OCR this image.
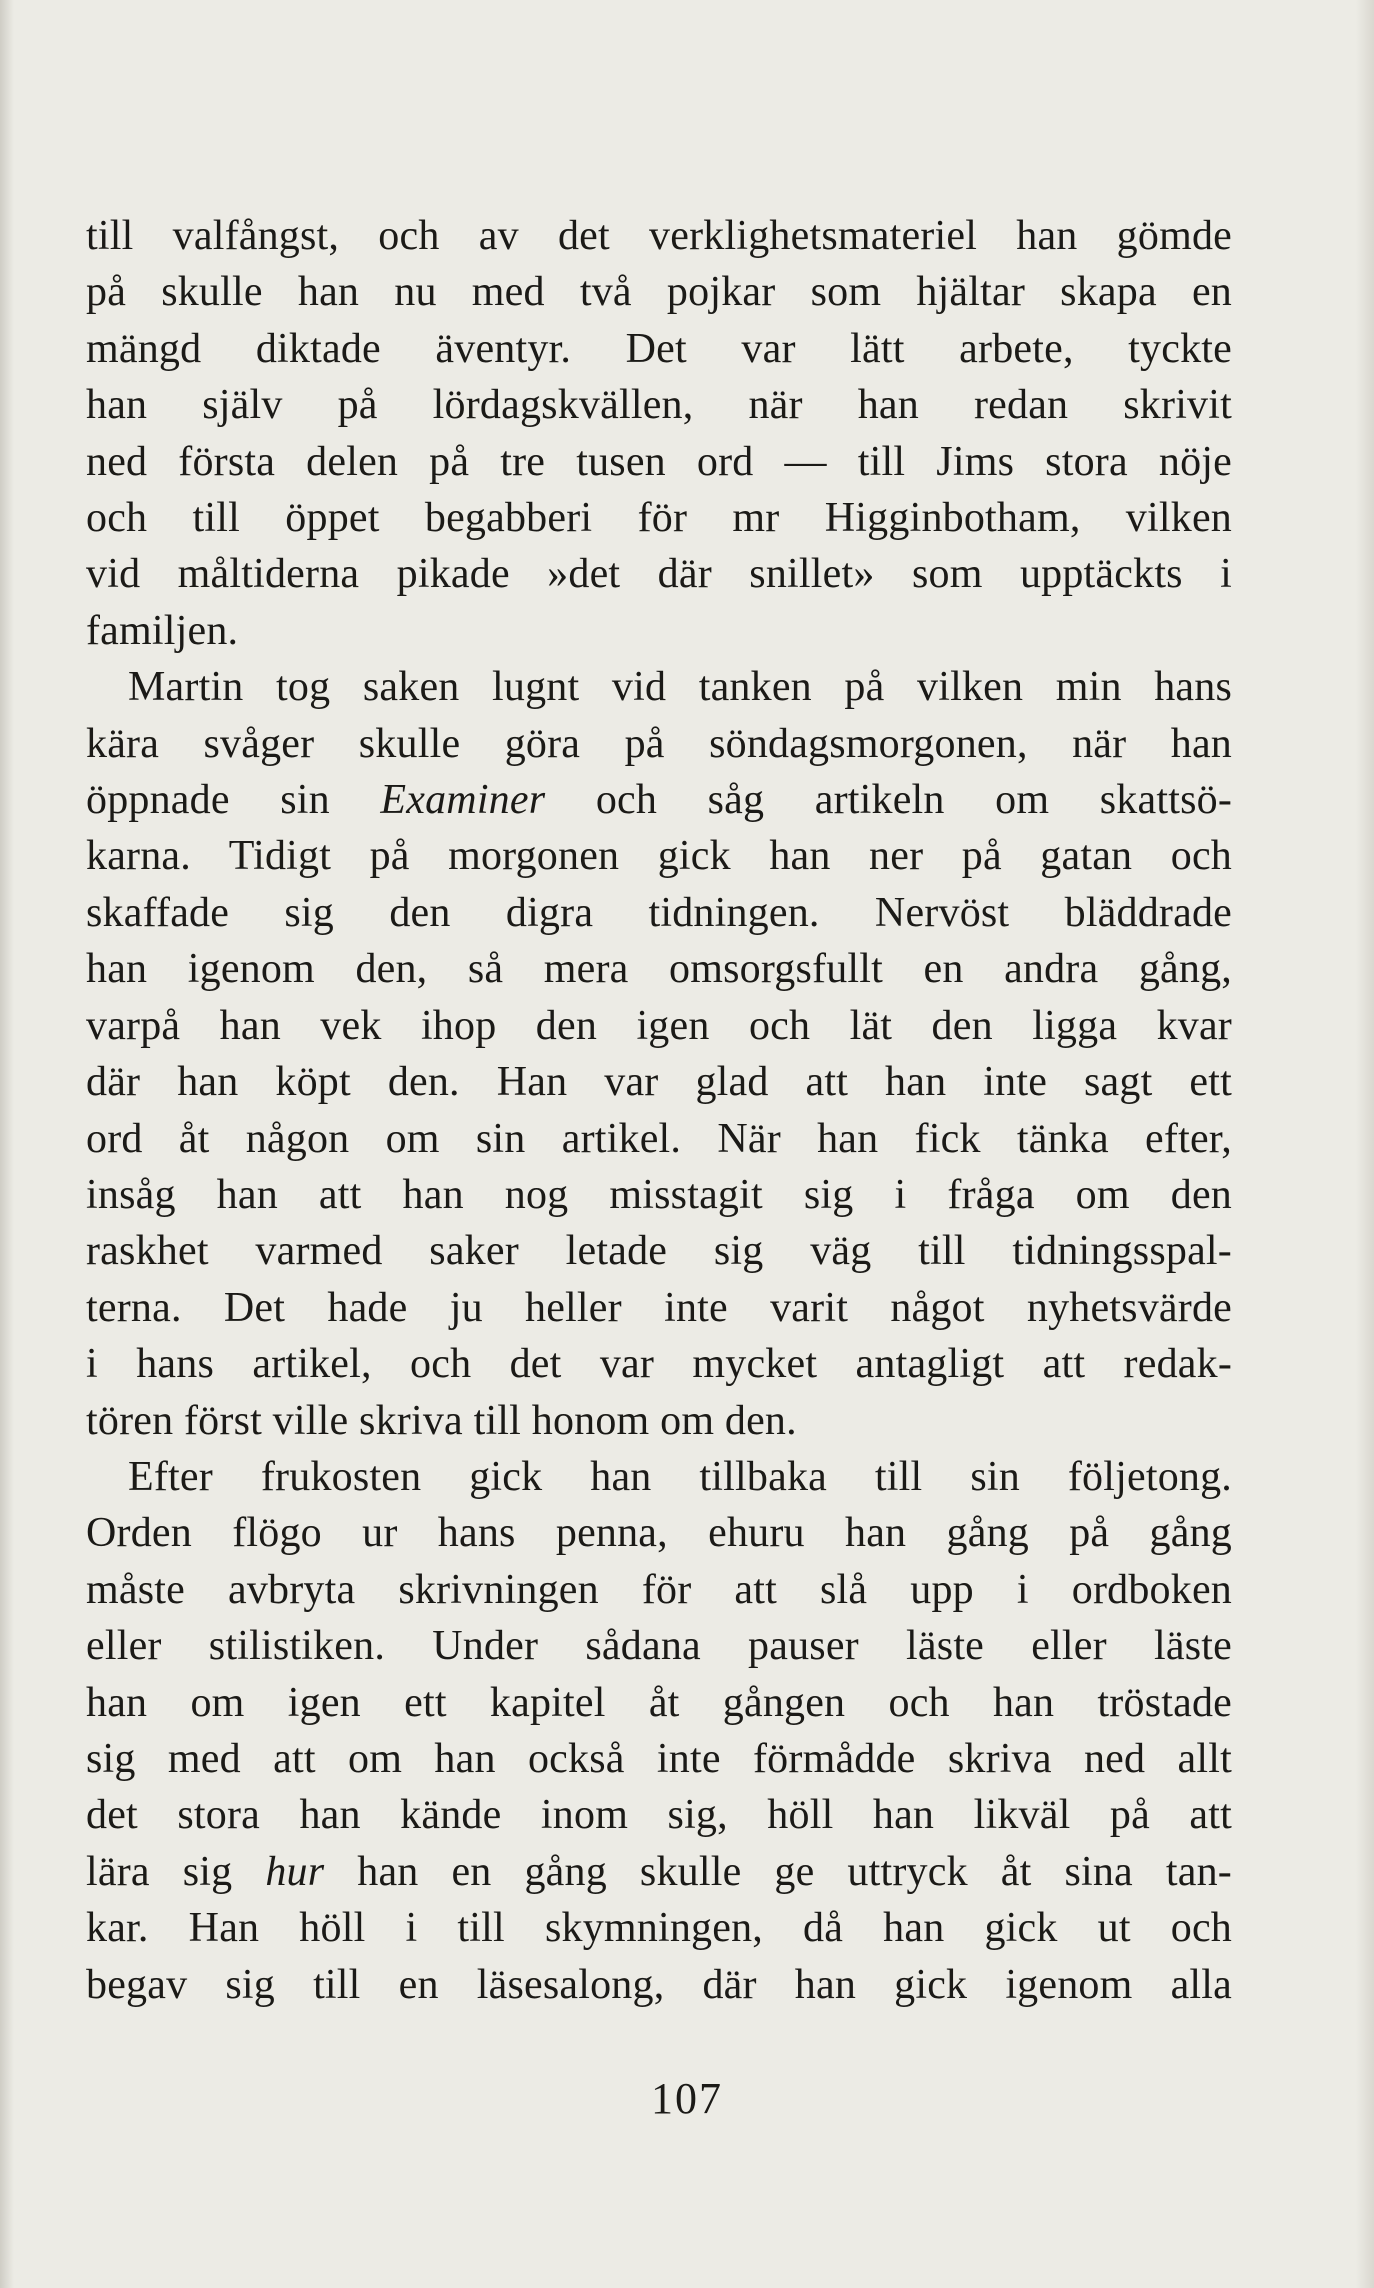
till valfångst, och av det verklighetsmateriel han gömde
på skulle han nu med två pojkar som hjältar skapa en
mängd diktade äventyr. Det var lätt arbete, tyckte
han själv på lördagskvällen, när han redan skrivit
ned första delen på tre tusen ord — till Jims stora nöje
och till öppet begabberi för mr Higginbotham, vilken
vid måltiderna pikade »det där snillet» som upptäckts i
familjen.

Martin tog saken lugnt vid tanken på vilken min hans
kära svåger skulle göra på söndagsmorgonen, när han
öppnade sin Examiner och såg artikeln om skattsö-
karna. Tidigt på morgonen gick han ner på gatan och
skaffade sig den digra tidningen. Nervöst bläddrade
han igenom den, så mera omsorgsfullt en andra gång,
varpå han vek ihop den igen och lät den ligga kvar
där han köpt den. Han var glad att han inte sagt ett
ord åt någon om sin artikel. När han fick tänka efter,
insåg han att han nog misstagit sig i fråga om den
raskhet varmed saker letade sig väg till tidningsspal-
terna. Det hade ju heller inte varit något nyhetsvärde
i hans artikel, och det var mycket antagligt att redak-
tören först ville skriva till honom om den.

Efter frukosten gick han tillbaka till sin följetong.
Orden flögo ur hans penna, ehuru han gång på gång
måste avbryta skrivningen för att slå upp i ordboken
eller stilistiken. Under sådana pauser läste eller läste
han om igen ett kapitel åt gången och han tröstade
sig med att om han också inte förmådde skriva ned allt
det stora han kände inom sig, höll han likväl på att
lära sig hur han en gång skulle ge uttryck åt sina tan-
kar. Han höll i till skymningen, då han gick ut och
begav sig till en läsesalong, där han gick igenom alla

107
